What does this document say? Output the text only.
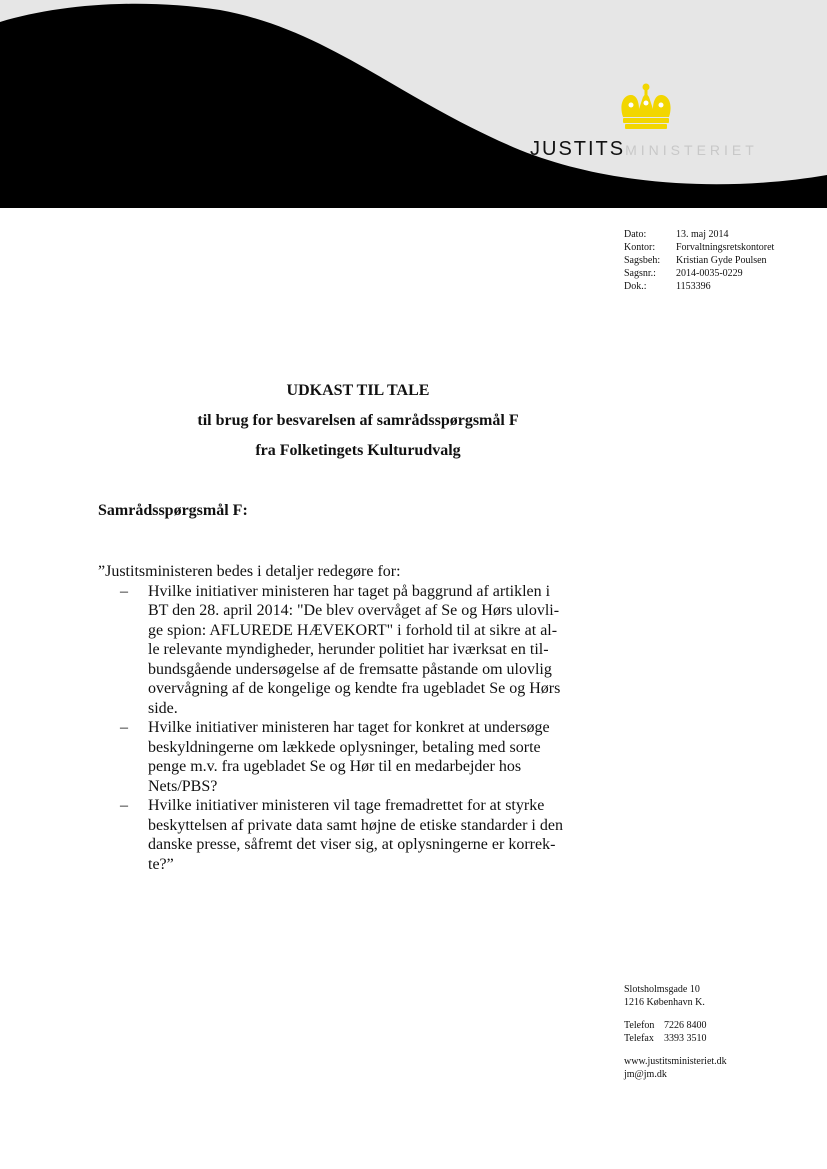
JUSTITSMINISTERIET
Dato:	13. maj 2014
Kontor:	Forvaltningsretskontoret
Sagsbeh:	Kristian Gyde Poulsen
Sagsnr.:	2014-0035-0229
Dok.:	1153396
UDKAST TIL TALE
til brug for besvarelsen af samrådsspørgsmål F
fra Folketingets Kulturudvalg
Samrådsspørgsmål F:

”Justitsministeren bedes i detaljer redegøre for:

– Hvilke initiativer ministeren har taget på baggrund af artiklen i
BT den 28. april 2014: "De blev overvåget af Se og Hørs ulovli-
ge spion: AFLUREDE HÆVEKORT" i forhold til at sikre at al-
le relevante myndigheder, herunder politiet har iværksat en til-
bundsgående undersøgelse af de fremsatte påstande om ulovlig
overvågning af de kongelige og kendte fra ugebladet Se og Hørs
side.
– Hvilke initiativer ministeren har taget for konkret at undersøge
beskyldningerne om lækkede oplysninger, betaling med sorte
penge m.v. fra ugebladet Se og Hør til en medarbejder hos
Nets/PBS?
– Hvilke initiativer ministeren vil tage fremadrettet for at styrke
beskyttelsen af private data samt højne de etiske standarder i den
danske presse, såfremt det viser sig, at oplysningerne er korrek-
te?”
Slotsholmsgade 10
1216 København K.
Telefon 7226 8400
Telefax	3393 3510
www.justitsministeriet.dk
jm@jm.dk
